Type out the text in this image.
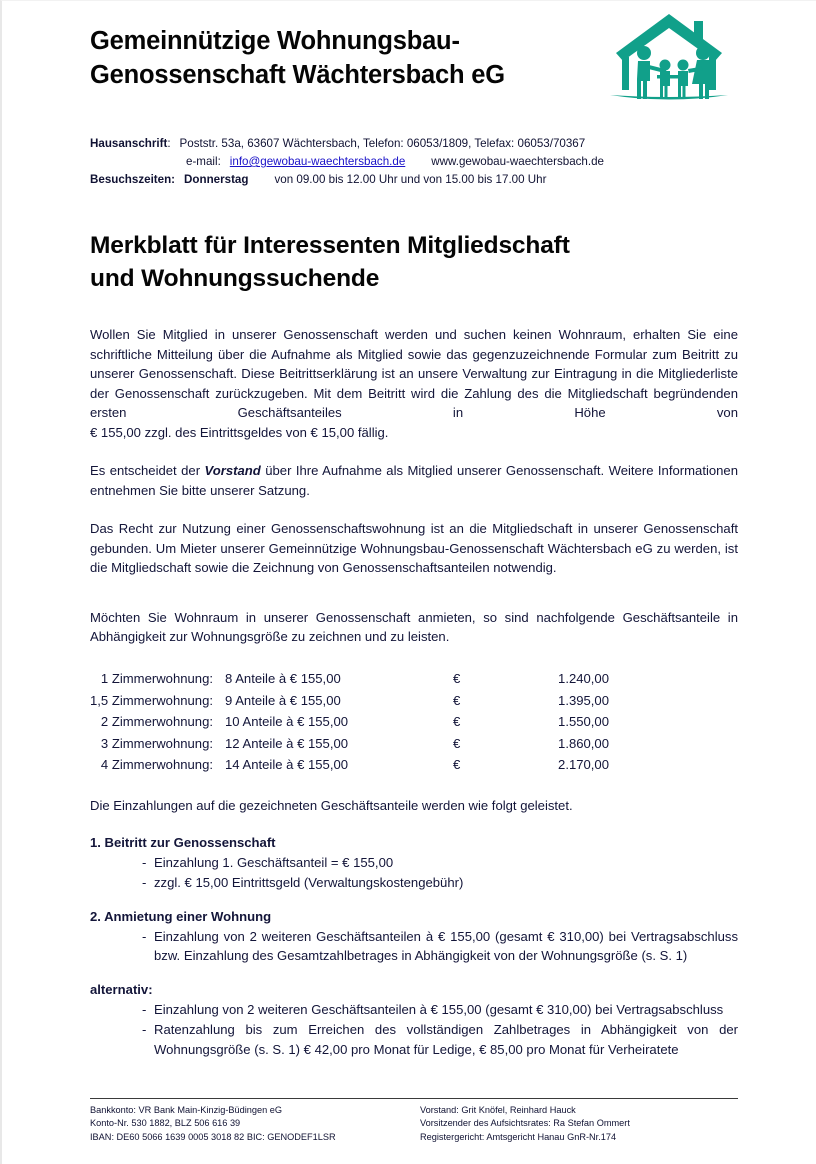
Gemeinnützige Wohnungsbau-
Genossenschaft Wächtersbach eG
Hausanschrift: Poststr. 53a, 63607 Wächtersbach, Telefon: 06053/1809, Telefax: 06053/70367
e-mail: info@gewobau-waechtersbach.de www.gewobau-waechtersbach.de
Besuchszeiten: Donnerstag von 09.00 bis 12.00 Uhr und von 15.00 bis 17.00 Uhr
Merkblatt für Interessenten Mitgliedschaft
und Wohnungssuchende

Wollen Sie Mitglied in unserer Genossenschaft werden und suchen keinen Wohnraum, erhalten Sie eine schriftliche Mitteilung über die Aufnahme als Mitglied sowie das gegenzuzeichnende Formular zum Beitritt zu unserer Genossenschaft. Diese Beitrittserklärung ist an unsere Verwaltung zur Eintragung in die Mitgliederliste der Genossenschaft zurückzugeben. Mit dem Beitritt wird die Zahlung des die Mitgliedschaft begründenden ersten Geschäftsanteiles in Höhe von

€ 155,00 zzgl. des Eintrittsgeldes von € 15,00 fällig.

Es entscheidet der Vorstand über Ihre Aufnahme als Mitglied unserer Genossenschaft. Weitere Informationen entnehmen Sie bitte unserer Satzung.

Das Recht zur Nutzung einer Genossenschaftswohnung ist an die Mitgliedschaft in unserer Genossenschaft gebunden. Um Mieter unserer Gemeinnützige Wohnungsbau-Genossenschaft Wächtersbach eG zu werden, ist die Mitgliedschaft sowie die Zeichnung von Genossenschaftsanteilen notwendig.

Möchten Sie Wohnraum in unserer Genossenschaft anmieten, so sind nachfolgende Geschäftsanteile in Abhängigkeit zur Wohnungsgröße zu zeichnen und zu leisten.

1 Zimmerwohnung:	8 Anteile à € 155,00	€	1.240,00
1,5 Zimmerwohnung:	9 Anteile à € 155,00	€	1.395,00
2 Zimmerwohnung:	10 Anteile à € 155,00	€	1.550,00
3 Zimmerwohnung:	12 Anteile à € 155,00	€	1.860,00
4 Zimmerwohnung:	14 Anteile à € 155,00	€	2.170,00

Die Einzahlungen auf die gezeichneten Geschäftsanteile werden wie folgt geleistet.

1. Beitritt zur Genossenschaft
- Einzahlung 1. Geschäftsanteil = € 155,00
- zzgl. € 15,00 Eintrittsgeld (Verwaltungskostengebühr)
2. Anmietung einer Wohnung
- Einzahlung von 2 weiteren Geschäftsanteilen à € 155,00 (gesamt € 310,00) bei Vertragsabschluss bzw. Einzahlung des Gesamtzahlbetrages in Abhängigkeit von der Wohnungsgröße (s. S. 1)
alternativ:
- Einzahlung von 2 weiteren Geschäftsanteilen à € 155,00 (gesamt € 310,00) bei Vertragsabschluss
- Ratenzahlung bis zum Erreichen des vollständigen Zahlbetrages in Abhängigkeit von der Wohnungsgröße (s. S. 1) € 42,00 pro Monat für Ledige, € 85,00 pro Monat für Verheiratete
Bankkonto: VR Bank Main-Kinzig-Büdingen eG
Konto-Nr. 530 1882, BLZ 506 616 39
IBAN: DE60 5066 1639 0005 3018 82 BIC: GENODEF1LSR
Vorstand: Grit Knöfel, Reinhard Hauck
Vorsitzender des Aufsichtsrates: Ra Stefan Ommert
Registergericht: Amtsgericht Hanau GnR-Nr.174
